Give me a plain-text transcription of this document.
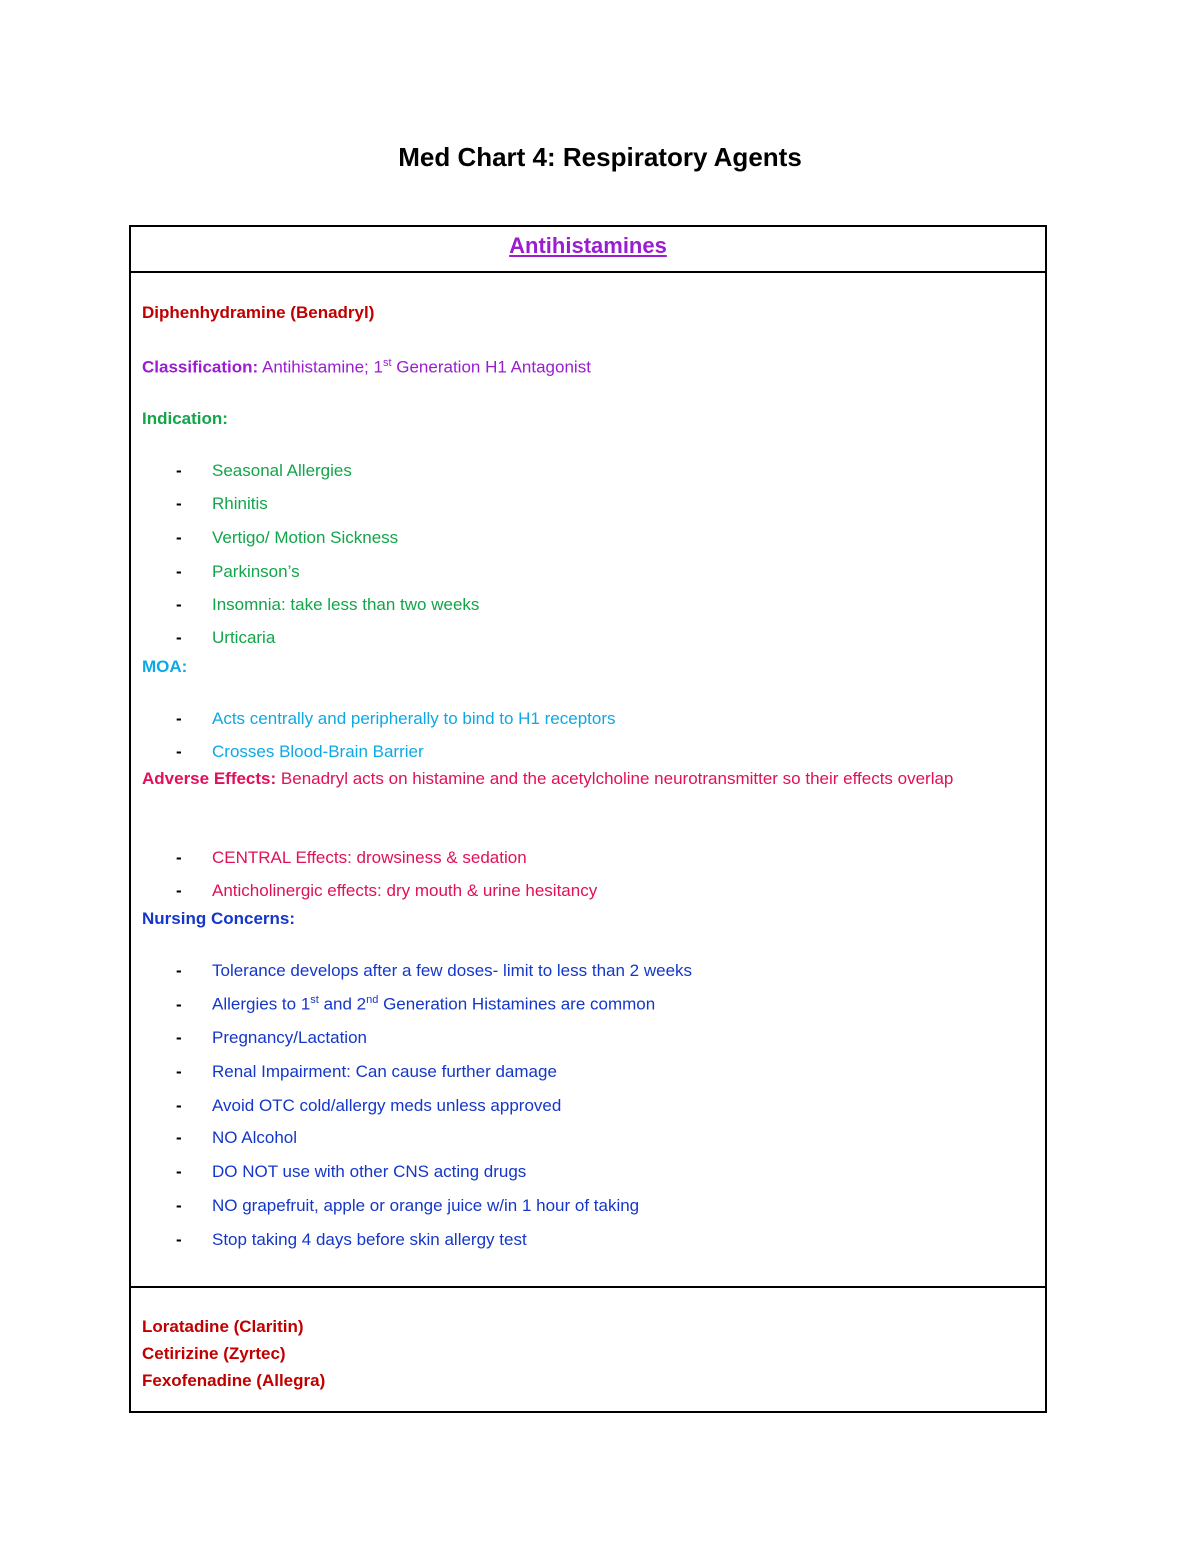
Med Chart 4: Respiratory Agents
Antihistamines
Diphenhydramine (Benadryl)
Classification: Antihistamine; 1st Generation H1 Antagonist
Indication:
- Seasonal Allergies
- Rhinitis
- Vertigo/ Motion Sickness
- Parkinson’s
- Insomnia: take less than two weeks
- Urticaria
MOA:
- Acts centrally and peripherally to bind to H1 receptors
- Crosses Blood-Brain Barrier
Adverse Effects: Benadryl acts on histamine and the acetylcholine neurotransmitter so their effects overlap
- CENTRAL Effects: drowsiness & sedation
- Anticholinergic effects: dry mouth & urine hesitancy
Nursing Concerns:
- Tolerance develops after a few doses- limit to less than 2 weeks
- Allergies to 1st and 2nd Generation Histamines are common
- Pregnancy/Lactation
- Renal Impairment: Can cause further damage
- Avoid OTC cold/allergy meds unless approved
- NO Alcohol
- DO NOT use with other CNS acting drugs
- NO grapefruit, apple or orange juice w/in 1 hour of taking
- Stop taking 4 days before skin allergy test
Loratadine (Claritin)
Cetirizine (Zyrtec)
Fexofenadine (Allegra)
